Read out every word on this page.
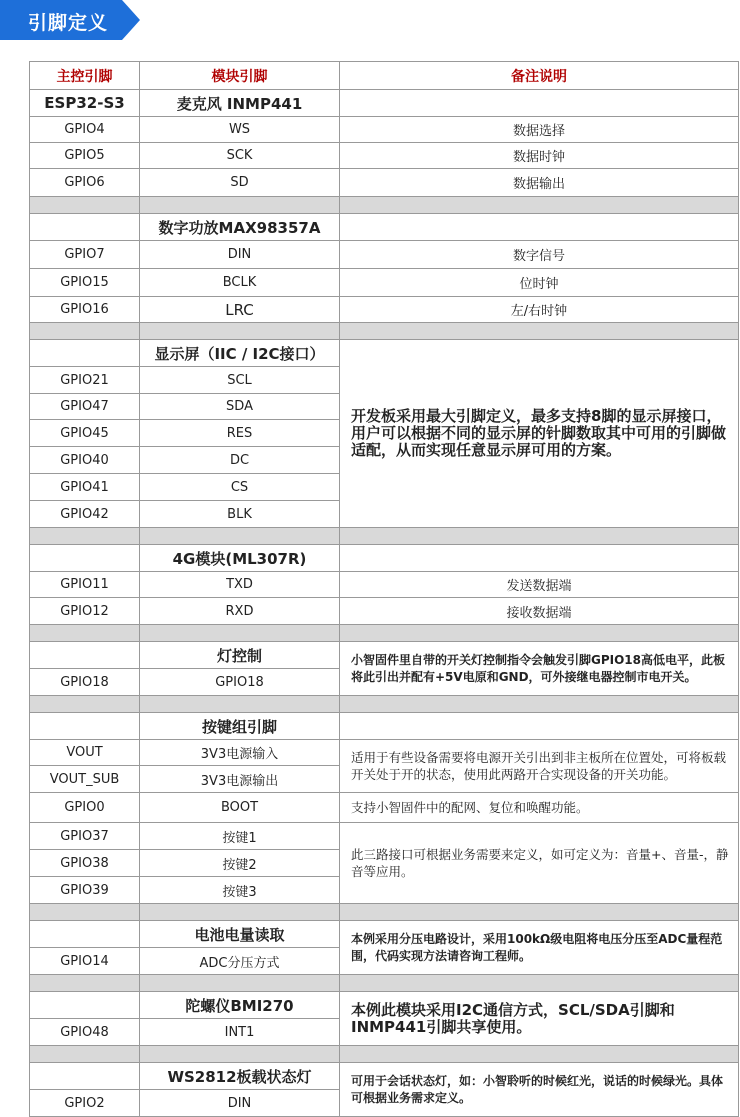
引脚定义
主控引脚	模块引脚	备注说明
ESP32-S3	麦克风 INMP441	
GPIO4	WS	数据选择
GPIO5	SCK	数据时钟
GPIO6	SD	数据输出

	数字功放MAX98357A	
GPIO7	DIN	数字信号
GPIO15	BCLK	位时钟
GPIO16	LRC	左/右时钟

	显示屏（IIC / I2C接口）	开发板采用最大引脚定义，最多支持8脚的显示屏接口，用户可以根据不同的显示屏的针脚数取其中可用的引脚做适配，从而实现任意显示屏可用的方案。
GPIO21	SCL	
GPIO47	SDA	
GPIO45	RES	
GPIO40	DC	
GPIO41	CS	
GPIO42	BLK	

	4G模块(ML307R)	
GPIO11	TXD	发送数据端
GPIO12	RXD	接收数据端

	灯控制	小智固件里自带的开关灯控制指令会触发引脚GPIO18高低电平，此板将此引出并配有+5V电原和GND，可外接继电器控制市电开关。
GPIO18	GPIO18	

	按键组引脚	
VOUT	3V3电源输入	适用于有些设备需要将电源开关引出到非主板所在位置处，可将板载开关处于开的状态，使用此两路开合实现设备的开关功能。
VOUT_SUB	3V3电源输出	
GPIO0	BOOT	支持小智固件中的配网、复位和唤醒功能。
GPIO37	按键1	此三路接口可根据业务需要来定义，如可定义为：音量+、音量-，静音等应用。
GPIO38	按键2	
GPIO39	按键3	

	电池电量读取	本例采用分压电路设计，采用100kΩ级电阻将电压分压至ADC量程范围，代码实现方法请咨询工程师。
GPIO14	ADC分压方式	

	陀螺仪BMI270	本例此模块采用I2C通信方式，SCL/SDA引脚和INMP441引脚共享使用。
GPIO48	INT1	

	WS2812板载状态灯	可用于会话状态灯，如：小智聆听的时候红光，说话的时候绿光。具体可根据业务需求定义。
GPIO2	DIN	
